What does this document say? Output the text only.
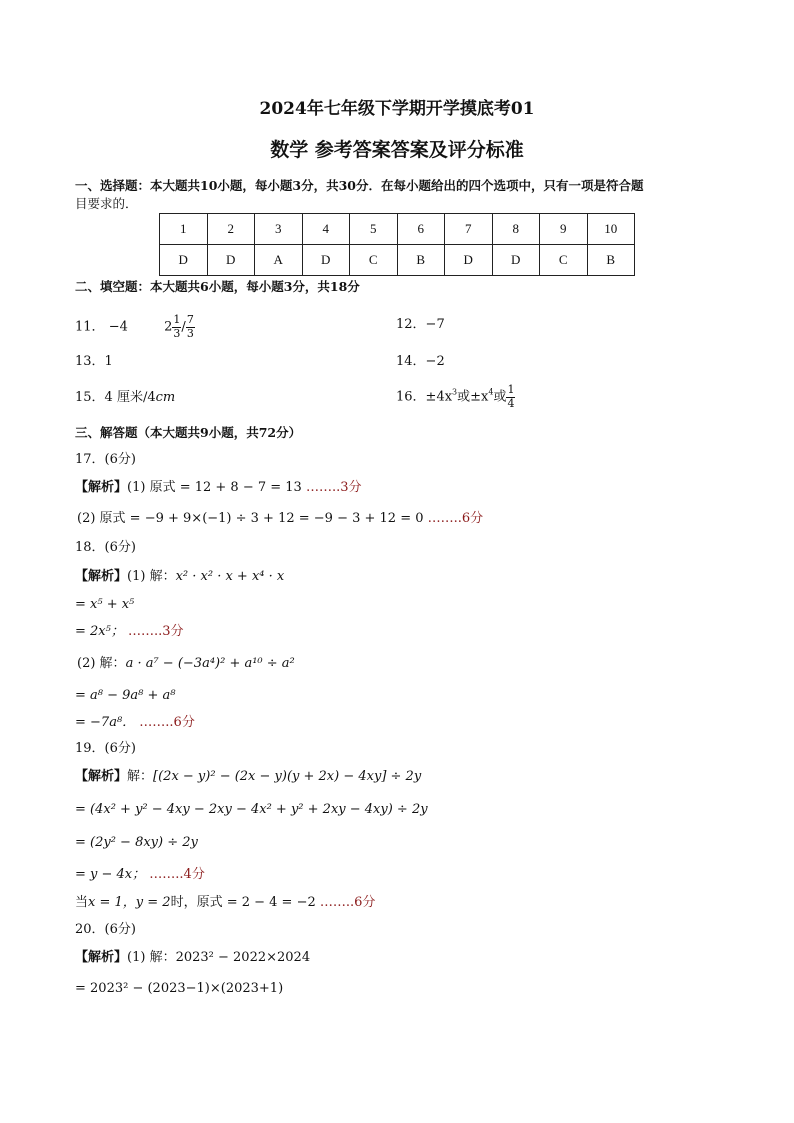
2024年七年级下学期开学摸底考01
数学 参考答案答案及评分标准
一、选择题：本大题共10小题，每小题3分，共30分．在每小题给出的四个选项中，只有一项是符合题
目要求的．
1	2	3	4	5	6	7	8	9	10
D	D	A	D	C	B	D	D	C	B
二、填空题：本大题共6小题，每小题3分，共18分
11． −4	$2 \frac{1}{3} / \frac{7}{3}$	12．−7
13．1	14．−2
15．4 厘米/4cm	16．$\pm 4x^3$或$\pm x^4$或 $\frac{1}{4}$
三、解答题（本大题共9小题，共72分）
17．(6分)
【解析】(1) 原式 = 12 + 8 − 7 = 13 ……..3分
(2) 原式 = −9 + 9×(−1) ÷ 3 + 12 = −9 − 3 + 12 = 0 ……..6分
18．(6分)
【解析】(1) 解：x² · x² · x + x⁴ · x
= x⁵ + x⁵
= 2x⁵； ……..3分
(2) 解：a · a⁷ − (−3a⁴)² + a¹⁰ ÷ a²
= a⁸ − 9a⁸ + a⁸
= −7a⁸． ……..6分
19．(6分)
【解析】解：[(2x − y)² − (2x − y)(y + 2x) − 4xy] ÷ 2y
= (4x² + y² − 4xy − 2xy − 4x² + y² + 2xy − 4xy) ÷ 2y
= (2y² − 8xy) ÷ 2y
= y − 4x； ……..4分
当x = 1，y = 2时，原式 = 2 − 4 = −2 ……..6分
20．(6分)
【解析】(1) 解：2023² − 2022×2024
= 2023² − (2023−1)×(2023+1)
